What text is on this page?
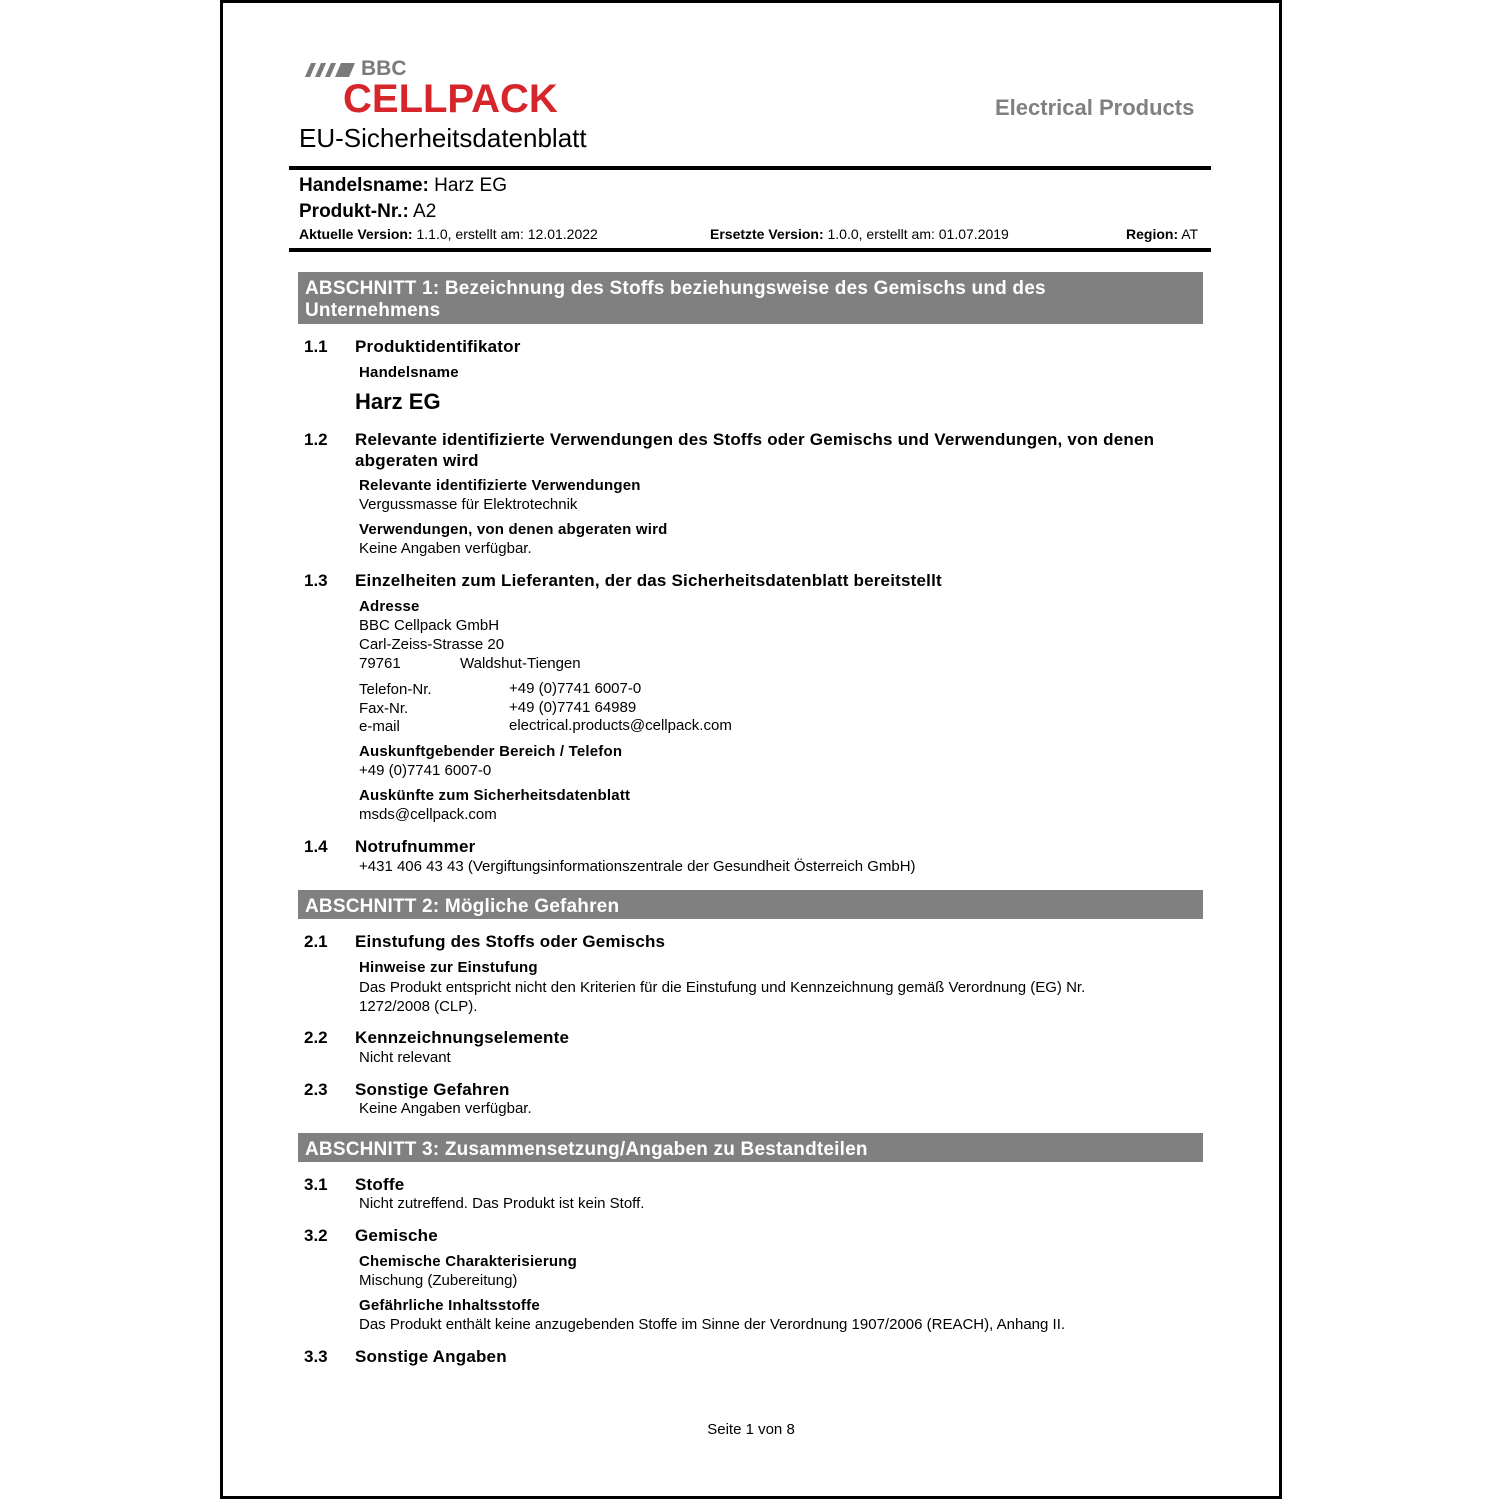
BBC
CELLPACK
EU-Sicherheitsdatenblatt
Electrical Products
Handelsname: Harz EG
Produkt-Nr.: A2
Aktuelle Version: 1.1.0, erstellt am: 12.01.2022	Ersetzte Version: 1.0.0, erstellt am: 01.07.2019	Region: AT
ABSCHNITT 1: Bezeichnung des Stoffs beziehungsweise des Gemischs und des
Unternehmens
1.1 Produktidentifikator
Handelsname
Harz EG
1.2 Relevante identifizierte Verwendungen des Stoffs oder Gemischs und Verwendungen, von denen abgeraten wird
Relevante identifizierte Verwendungen
Vergussmasse für Elektrotechnik
Verwendungen, von denen abgeraten wird
Keine Angaben verfügbar.
1.3 Einzelheiten zum Lieferanten, der das Sicherheitsdatenblatt bereitstellt
Adresse
BBC Cellpack GmbH
Carl-Zeiss-Strasse 20
79761	Waldshut-Tiengen
Telefon-Nr.	+49 (0)7741 6007-0
Fax-Nr.	+49 (0)7741 64989
e-mail	electrical.products@cellpack.com
Auskunftgebender Bereich / Telefon
+49 (0)7741 6007-0
Auskünfte zum Sicherheitsdatenblatt
msds@cellpack.com
1.4 Notrufnummer
+431 406 43 43 (Vergiftungsinformationszentrale der Gesundheit Österreich GmbH)
ABSCHNITT 2: Mögliche Gefahren
2.1 Einstufung des Stoffs oder Gemischs
Hinweise zur Einstufung
Das Produkt entspricht nicht den Kriterien für die Einstufung und Kennzeichnung gemäß Verordnung (EG) Nr.
1272/2008 (CLP).
2.2 Kennzeichnungselemente
Nicht relevant
2.3 Sonstige Gefahren
Keine Angaben verfügbar.
ABSCHNITT 3: Zusammensetzung/Angaben zu Bestandteilen
3.1 Stoffe
Nicht zutreffend. Das Produkt ist kein Stoff.
3.2 Gemische
Chemische Charakterisierung
Mischung (Zubereitung)
Gefährliche Inhaltsstoffe
Das Produkt enthält keine anzugebenden Stoffe im Sinne der Verordnung 1907/2006 (REACH), Anhang II.
3.3 Sonstige Angaben
Seite 1 von 8
